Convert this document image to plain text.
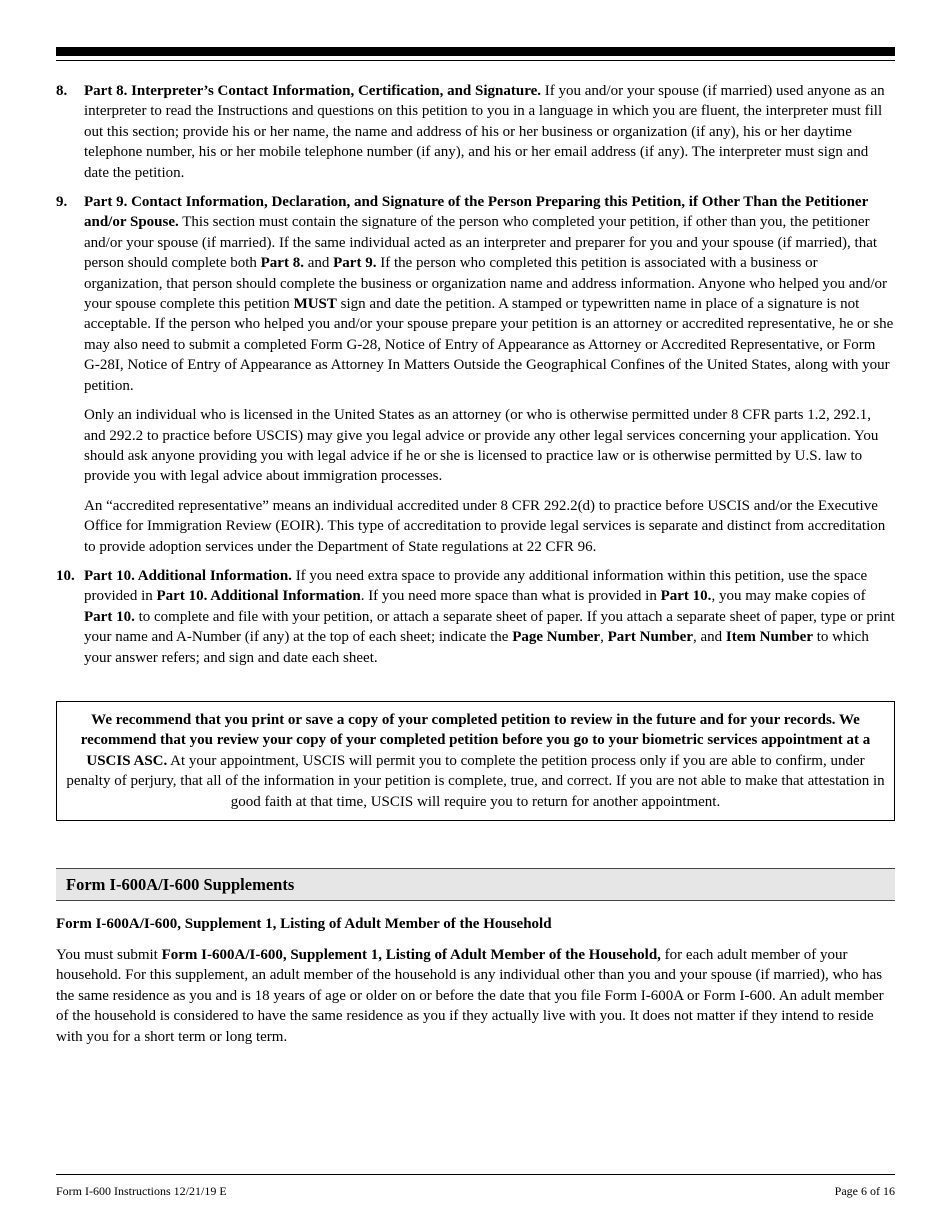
8. Part 8. Interpreter’s Contact Information, Certification, and Signature. If you and/or your spouse (if married) used anyone as an interpreter to read the Instructions and questions on this petition to you in a language in which you are fluent, the interpreter must fill out this section; provide his or her name, the name and address of his or her business or organization (if any), his or her daytime telephone number, his or her mobile telephone number (if any), and his or her email address (if any). The interpreter must sign and date the petition.

9. Part 9. Contact Information, Declaration, and Signature of the Person Preparing this Petition, if Other Than the Petitioner and/or Spouse. This section must contain the signature of the person who completed your petition, if other than you, the petitioner and/or your spouse (if married). If the same individual acted as an interpreter and preparer for you and your spouse (if married), that person should complete both Part 8. and Part 9. If the person who completed this petition is associated with a business or organization, that person should complete the business or organization name and address information. Anyone who helped you and/or your spouse complete this petition MUST sign and date the petition. A stamped or typewritten name in place of a signature is not acceptable. If the person who helped you and/or your spouse prepare your petition is an attorney or accredited representative, he or she may also need to submit a completed Form G-28, Notice of Entry of Appearance as Attorney or Accredited Representative, or Form G-28I, Notice of Entry of Appearance as Attorney In Matters Outside the Geographical Confines of the United States, along with your petition.

Only an individual who is licensed in the United States as an attorney (or who is otherwise permitted under 8 CFR parts 1.2, 292.1, and 292.2 to practice before USCIS) may give you legal advice or provide any other legal services concerning your application. You should ask anyone providing you with legal advice if he or she is licensed to practice law or is otherwise permitted by U.S. law to provide you with legal advice about immigration processes.

An “accredited representative” means an individual accredited under 8 CFR 292.2(d) to practice before USCIS and/or the Executive Office for Immigration Review (EOIR). This type of accreditation to provide legal services is separate and distinct from accreditation to provide adoption services under the Department of State regulations at 22 CFR 96.

10. Part 10. Additional Information. If you need extra space to provide any additional information within this petition, use the space provided in Part 10. Additional Information. If you need more space than what is provided in Part 10., you may make copies of Part 10. to complete and file with your petition, or attach a separate sheet of paper. If you attach a separate sheet of paper, type or print your name and A-Number (if any) at the top of each sheet; indicate the Page Number, Part Number, and Item Number to which your answer refers; and sign and date each sheet.

We recommend that you print or save a copy of your completed petition to review in the future and for your records. We recommend that you review your copy of your completed petition before you go to your biometric services appointment at a USCIS ASC. At your appointment, USCIS will permit you to complete the petition process only if you are able to confirm, under penalty of perjury, that all of the information in your petition is complete, true, and correct. If you are not able to make that attestation in good faith at that time, USCIS will require you to return for another appointment.
Form I-600A/I-600 Supplements
Form I-600A/I-600, Supplement 1, Listing of Adult Member of the Household

You must submit Form I-600A/I-600, Supplement 1, Listing of Adult Member of the Household, for each adult member of your household. For this supplement, an adult member of the household is any individual other than you and your spouse (if married), who has the same residence as you and is 18 years of age or older on or before the date that you file Form I-600A or Form I-600. An adult member of the household is considered to have the same residence as you if they actually live with you. It does not matter if they intend to reside with you for a short term or long term.

Form I-600 Instructions 12/21/19 E	Page 6 of 16
